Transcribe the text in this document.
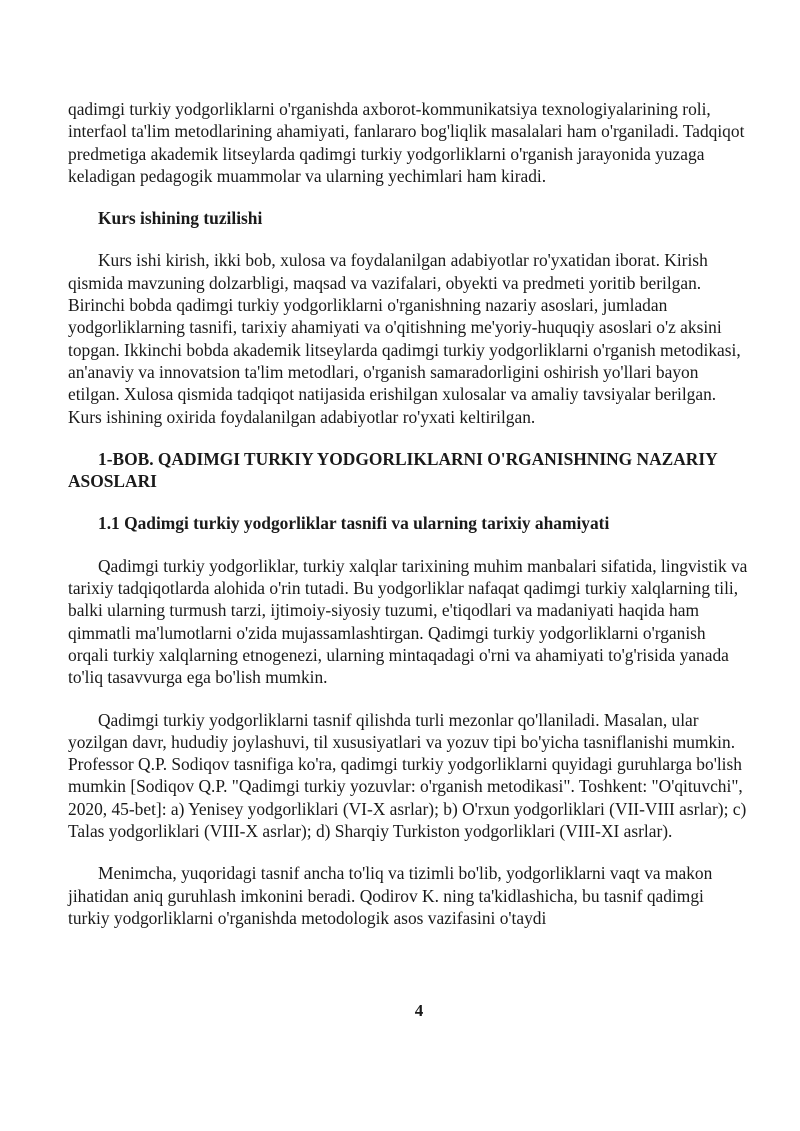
qadimgi turkiy yodgorliklarni o'rganishda axborot-kommunikatsiya texnologiyalarining roli, interfaol ta'lim metodlarining ahamiyati, fanlararo bog'liqlik masalalari ham o'rganiladi. Tadqiqot predmetiga akademik litseylarda qadimgi turkiy yodgorliklarni o'rganish jarayonida yuzaga keladigan pedagogik muammolar va ularning yechimlari ham kiradi.

Kurs ishining tuzilishi

Kurs ishi kirish, ikki bob, xulosa va foydalanilgan adabiyotlar ro'yxatidan iborat. Kirish qismida mavzuning dolzarbligi, maqsad va vazifalari, obyekti va predmeti yoritib berilgan. Birinchi bobda qadimgi turkiy yodgorliklarni o'rganishning nazariy asoslari, jumladan yodgorliklarning tasnifi, tarixiy ahamiyati va o'qitishning me'yoriy-huquqiy asoslari o'z aksini topgan. Ikkinchi bobda akademik litseylarda qadimgi turkiy yodgorliklarni o'rganish metodikasi, an'anaviy va innovatsion ta'lim metodlari, o'rganish samaradorligini oshirish yo'llari bayon etilgan. Xulosa qismida tadqiqot natijasida erishilgan xulosalar va amaliy tavsiyalar berilgan. Kurs ishining oxirida foydalanilgan adabiyotlar ro'yxati keltirilgan.

1-BOB. QADIMGI TURKIY YODGORLIKLARNI O'RGANISHNING NAZARIY ASOSLARI

1.1 Qadimgi turkiy yodgorliklar tasnifi va ularning tarixiy ahamiyati

Qadimgi turkiy yodgorliklar, turkiy xalqlar tarixining muhim manbalari sifatida, lingvistik va tarixiy tadqiqotlarda alohida o'rin tutadi. Bu yodgorliklar nafaqat qadimgi turkiy xalqlarning tili, balki ularning turmush tarzi, ijtimoiy-siyosiy tuzumi, e'tiqodlari va madaniyati haqida ham qimmatli ma'lumotlarni o'zida mujassamlashtirgan. Qadimgi turkiy yodgorliklarni o'rganish orqali turkiy xalqlarning etnogenezi, ularning mintaqadagi o'rni va ahamiyati to'g'risida yanada to'liq tasavvurga ega bo'lish mumkin.

Qadimgi turkiy yodgorliklarni tasnif qilishda turli mezonlar qo'llaniladi. Masalan, ular yozilgan davr, hududiy joylashuvi, til xususiyatlari va yozuv tipi bo'yicha tasniflanishi mumkin. Professor Q.P. Sodiqov tasnifiga ko'ra, qadimgi turkiy yodgorliklarni quyidagi guruhlarga bo'lish mumkin [Sodiqov Q.P. "Qadimgi turkiy yozuvlar: o'rganish metodikasi". Toshkent: "O'qituvchi", 2020, 45-bet]: a) Yenisey yodgorliklari (VI-X asrlar); b) O'rxun yodgorliklari (VII-VIII asrlar); c) Talas yodgorliklari (VIII-X asrlar); d) Sharqiy Turkiston yodgorliklari (VIII-XI asrlar).

Menimcha, yuqoridagi tasnif ancha to'liq va tizimli bo'lib, yodgorliklarni vaqt va makon jihatidan aniq guruhlash imkonini beradi. Qodirov K. ning ta'kidlashicha, bu tasnif qadimgi turkiy yodgorliklarni o'rganishda metodologik asos vazifasini o'taydi

4
